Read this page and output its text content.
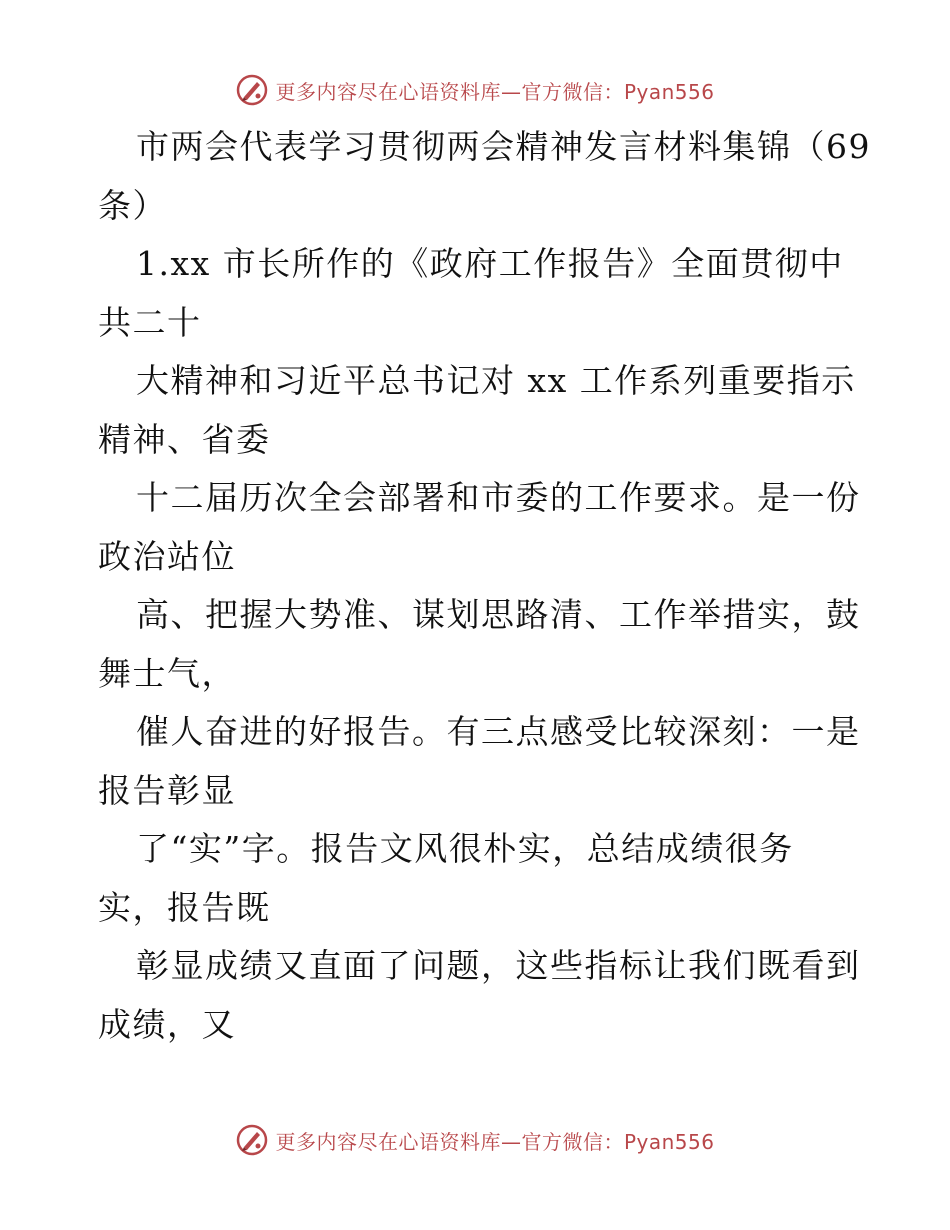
更多内容尽在心语资料库—官方微信：Pyan556
市两会代表学习贯彻两会精神发言材料集锦（69
条）
1.xx 市长所作的《政府工作报告》全面贯彻中
共二十
大精神和习近平总书记对 xx 工作系列重要指示
精神、省委
十二届历次全会部署和市委的工作要求。是一份
政治站位
高、把握大势准、谋划思路清、工作举措实，鼓
舞士气，
催人奋进的好报告。有三点感受比较深刻：一是
报告彰显
了“实”字。报告文风很朴实，总结成绩很务
实，报告既
彰显成绩又直面了问题，这些指标让我们既看到
成绩，又
更多内容尽在心语资料库—官方微信：Pyan556
